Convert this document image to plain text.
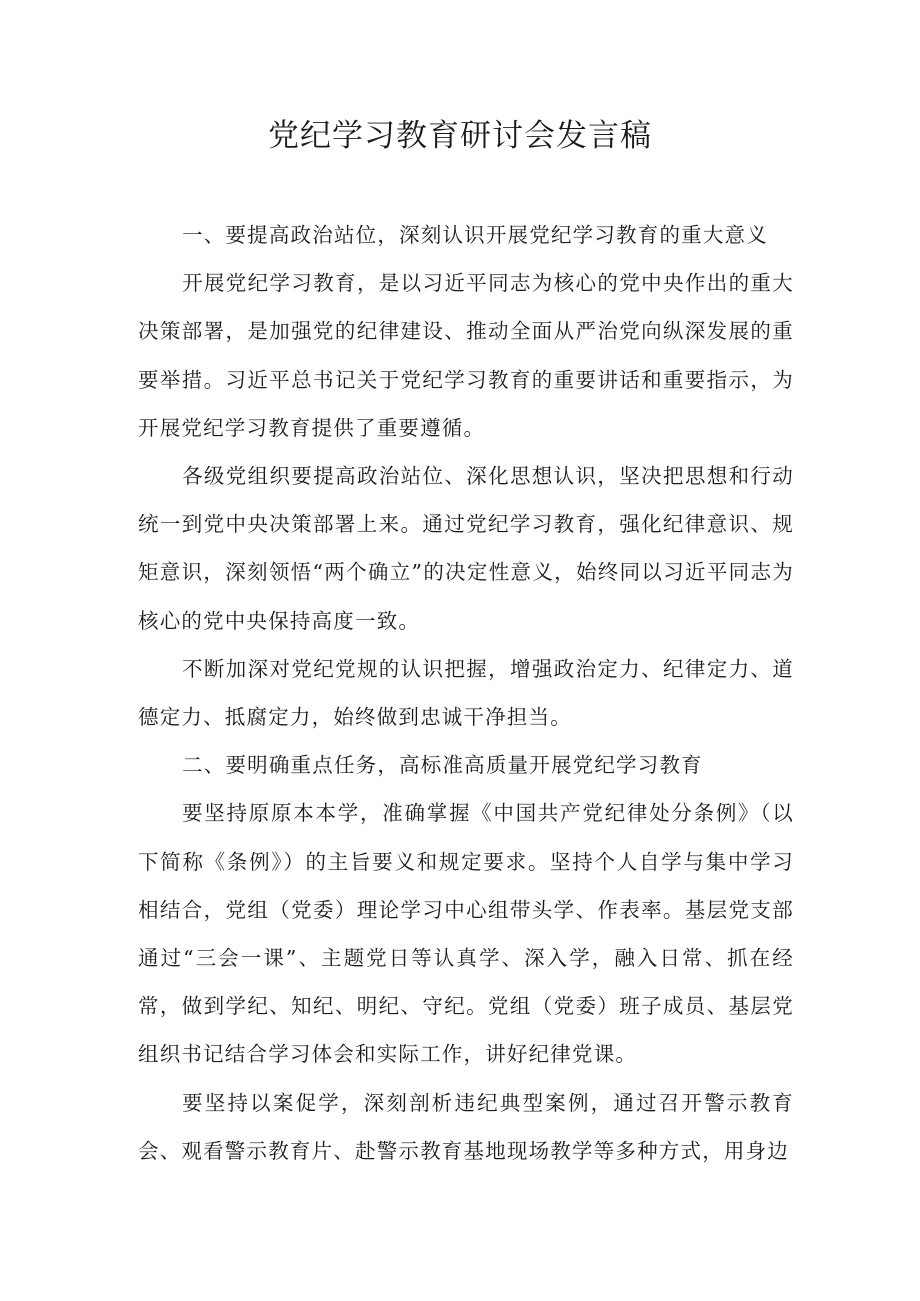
党纪学习教育研讨会发言稿

一、要提高政治站位，深刻认识开展党纪学习教育的重大意义

开展党纪学习教育，是以习近平同志为核心的党中央作出的重大决策部署，是加强党的纪律建设、推动全面从严治党向纵深发展的重要举措。习近平总书记关于党纪学习教育的重要讲话和重要指示，为开展党纪学习教育提供了重要遵循。

各级党组织要提高政治站位、深化思想认识，坚决把思想和行动统一到党中央决策部署上来。通过党纪学习教育，强化纪律意识、规矩意识，深刻领悟“两个确立”的决定性意义，始终同以习近平同志为核心的党中央保持高度一致。

不断加深对党纪党规的认识把握，增强政治定力、纪律定力、道德定力、抵腐定力，始终做到忠诚干净担当。

二、要明确重点任务，高标准高质量开展党纪学习教育

要坚持原原本本学，准确掌握《中国共产党纪律处分条例》（以下简称《条例》）的主旨要义和规定要求。坚持个人自学与集中学习相结合，党组（党委）理论学习中心组带头学、作表率。基层党支部通过“三会一课”、主题党日等认真学、深入学，融入日常、抓在经常，做到学纪、知纪、明纪、守纪。党组（党委）班子成员、基层党组织书记结合学习体会和实际工作，讲好纪律党课。

要坚持以案促学，深刻剖析违纪典型案例，通过召开警示教育会、观看警示教育片、赴警示教育基地现场教学等多种方式，用身边
